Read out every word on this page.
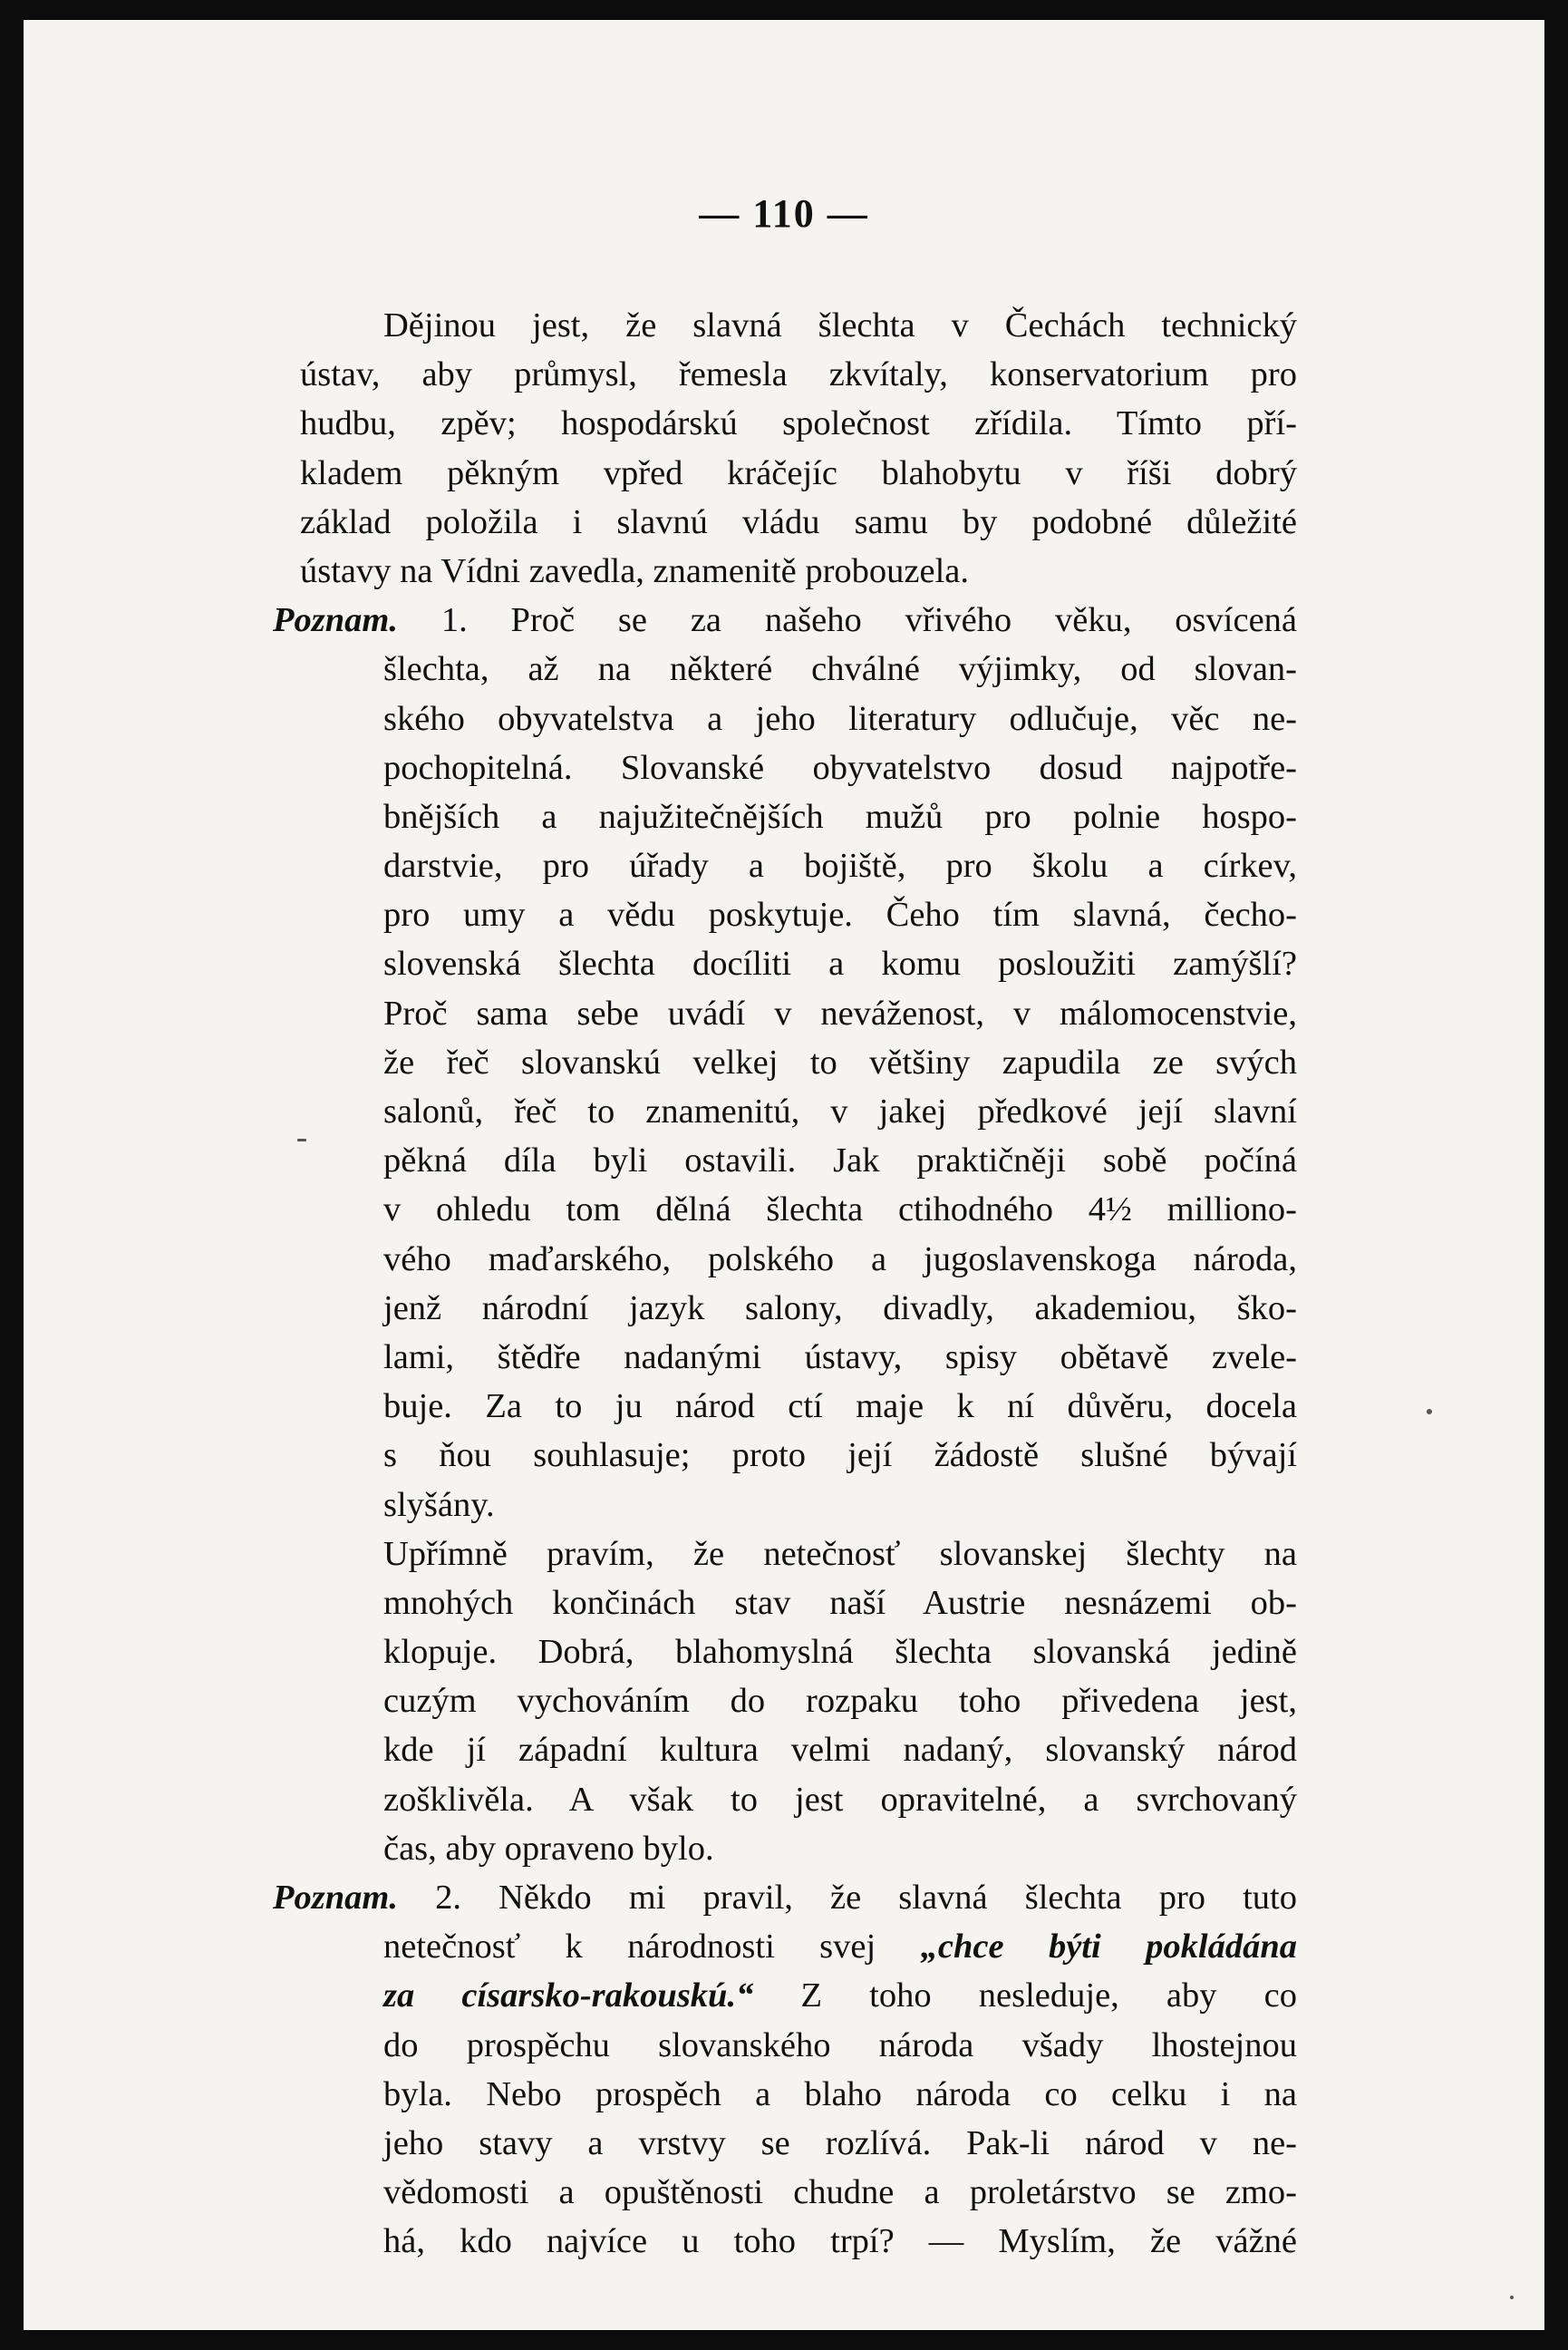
— 110 —
Dějinou jest, že slavná šlechta v Čechách technický
ústav, aby průmysl, řemesla zkvítaly, konservatorium pro
hudbu, zpěv; hospodárskú společnost zřídila. Tímto pří-
kladem pěkným vpřed kráčejíc blahobytu v říši dobrý
základ položila i slavnú vládu samu by podobné důležité
ústavy na Vídni zavedla, znamenitě probouzela.
Poznam. 1. Proč se za našeho vřivého věku, osvícená
šlechta, až na některé chválné výjimky, od slovan-
ského obyvatelstva a jeho literatury odlučuje, věc ne-
pochopitelná. Slovanské obyvatelstvo dosud najpotře-
bnějších a najužitečnějších mužů pro polnie hospo-
darstvie, pro úřady a bojiště, pro školu a církev,
pro umy a vědu poskytuje. Čeho tím slavná, čecho-
slovenská šlechta docíliti a komu posloužiti zamýšlí?
Proč sama sebe uvádí v neváženost, v málomocenstvie,
že řeč slovanskú velkej to většiny zapudila ze svých
salonů, řeč to znamenitú, v jakej předkové její slavní
pěkná díla byli ostavili. Jak praktičněji sobě počíná
v ohledu tom dělná šlechta ctihodného 4½ milliono-
vého maďarského, polského a jugoslavenskoga národa,
jenž národní jazyk salony, divadly, akademiou, ško-
lami, štědře nadanými ústavy, spisy obětavě zvele-
buje. Za to ju národ ctí maje k ní důvěru, docela
s ňou souhlasuje; proto její žádostě slušné bývají
slyšány.
Upřímně pravím, že netečnosť slovanskej šlechty na
mnohých končinách stav naší Austrie nesnázemi ob-
klopuje. Dobrá, blahomyslná šlechta slovanská jedině
cuzým vychováním do rozpaku toho přivedena jest,
kde jí západní kultura velmi nadaný, slovanský národ
zošklivěla. A však to jest opravitelné, a svrchovaný
čas, aby opraveno bylo.
Poznam. 2. Někdo mi pravil, že slavná šlechta pro tuto
netečnosť k národnosti svej „chce býti pokládána
za císarsko-rakouskú.“ Z toho nesleduje, aby co
do prospěchu slovanského národa všady lhostejnou
byla. Nebo prospěch a blaho národa co celku i na
jeho stavy a vrstvy se rozlívá. Pak-li národ v ne-
vědomosti a opuštěnosti chudne a proletárstvo se zmo-
há, kdo najvíce u toho trpí? — Myslím, že vážné
